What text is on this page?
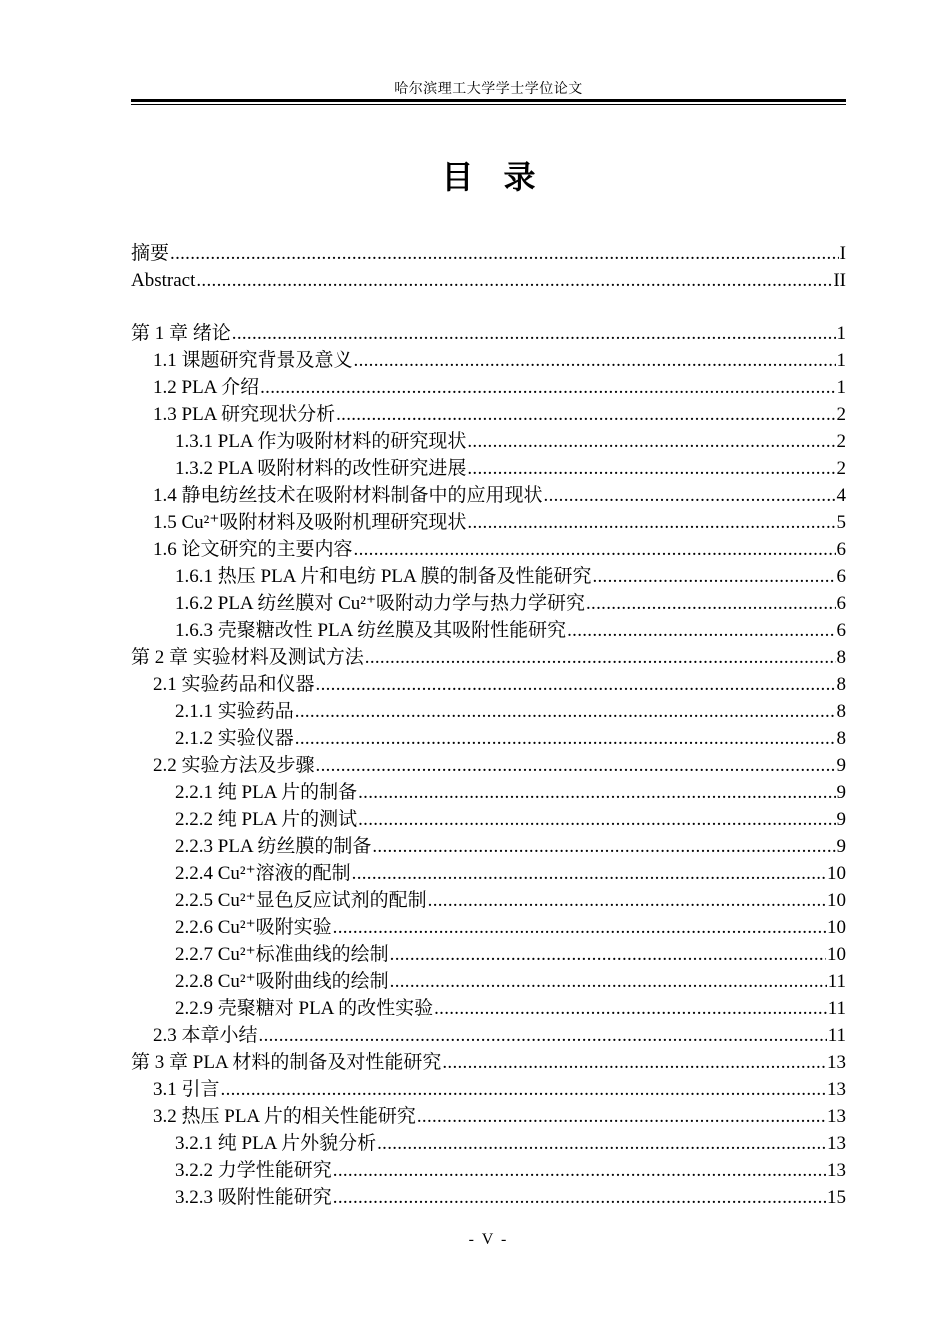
哈尔滨理工大学学士学位论文
目录
摘要 .....	I
Abstract .....	II
第 1 章 绪论 .....	1
1.1 课题研究背景及意义 .....	1
1.2 PLA 介绍 .....	1
1.3 PLA 研究现状分析 .....	2
1.3.1 PLA 作为吸附材料的研究现状 .....	2
1.3.2 PLA 吸附材料的改性研究进展 .....	2
1.4 静电纺丝技术在吸附材料制备中的应用现状 .....	4
1.5 Cu²⁺吸附材料及吸附机理研究现状 .....	5
1.6 论文研究的主要内容 .....	6
1.6.1 热压 PLA 片和电纺 PLA 膜的制备及性能研究 .....	6
1.6.2 PLA 纺丝膜对 Cu²⁺吸附动力学与热力学研究 .....	6
1.6.3 壳聚糖改性 PLA 纺丝膜及其吸附性能研究 .....	6
第 2 章 实验材料及测试方法 .....	8
2.1 实验药品和仪器 .....	8
2.1.1 实验药品 .....	8
2.1.2 实验仪器 .....	8
2.2 实验方法及步骤 .....	9
2.2.1 纯 PLA 片的制备 .....	9
2.2.2 纯 PLA 片的测试 .....	9
2.2.3 PLA 纺丝膜的制备 .....	9
2.2.4 Cu²⁺溶液的配制 .....	10
2.2.5 Cu²⁺显色反应试剂的配制 .....	10
2.2.6 Cu²⁺吸附实验 .....	10
2.2.7 Cu²⁺标准曲线的绘制 .....	10
2.2.8 Cu²⁺吸附曲线的绘制 .....	11
2.2.9 壳聚糖对 PLA 的改性实验 .....	11
2.3 本章小结 .....	11
第 3 章 PLA 材料的制备及对性能研究 .....	13
3.1 引言 .....	13
3.2 热压 PLA 片的相关性能研究 .....	13
3.2.1 纯 PLA 片外貌分析 .....	13
3.2.2 力学性能研究 .....	13
3.2.3 吸附性能研究 .....	15
- V -
